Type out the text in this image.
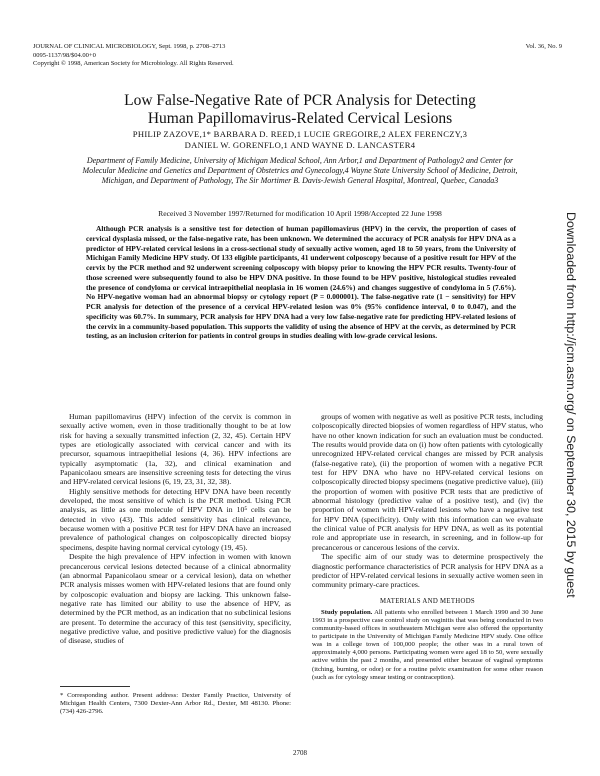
JOURNAL OF CLINICAL MICROBIOLOGY, Sept. 1998, p. 2708–2713
0095-1137/98/$04.00+0
Copyright © 1998, American Society for Microbiology. All Rights Reserved.
Vol. 36, No. 9
Low False-Negative Rate of PCR Analysis for Detecting
Human Papillomavirus-Related Cervical Lesions
PHILIP ZAZOVE,1* BARBARA D. REED,1 LUCIE GREGOIRE,2 ALEX FERENCZY,3
DANIEL W. GORENFLO,1 AND WAYNE D. LANCASTER4
Department of Family Medicine, University of Michigan Medical School, Ann Arbor,1 and Department of Pathology2 and Center for Molecular Medicine and Genetics and Department of Obstetrics and Gynecology,4 Wayne State University School of Medicine, Detroit, Michigan, and Department of Pathology, The Sir Mortimer B. Davis-Jewish General Hospital, Montreal, Quebec, Canada3
Received 3 November 1997/Returned for modification 10 April 1998/Accepted 22 June 1998

Although PCR analysis is a sensitive test for detection of human papillomavirus (HPV) in the cervix, the proportion of cases of cervical dysplasia missed, or the false-negative rate, has been unknown. We determined the accuracy of PCR analysis for HPV DNA as a predictor of HPV-related cervical lesions in a cross-sectional study of sexually active women, aged 18 to 50 years, from the University of Michigan Family Medicine HPV study. Of 133 eligible participants, 41 underwent colposcopy because of a positive result for HPV of the cervix by the PCR method and 92 underwent screening colposcopy with biopsy prior to knowing the HPV PCR results. Twenty-four of those screened were subsequently found to also be HPV DNA positive. In those found to be HPV positive, histological studies revealed the presence of condyloma or cervical intraepithelial neoplasia in 16 women (24.6%) and changes suggestive of condyloma in 5 (7.6%). No HPV-negative woman had an abnormal biopsy or cytology report (P = 0.000001). The false-negative rate (1 − sensitivity) for HPV PCR analysis for detection of the presence of a cervical HPV-related lesion was 0% (95% confidence interval, 0 to 0.047), and the specificity was 60.7%. In summary, PCR analysis for HPV DNA had a very low false-negative rate for predicting HPV-related lesions of the cervix in a community-based population. This supports the validity of using the absence of HPV at the cervix, as determined by PCR testing, as an inclusion criterion for patients in control groups in studies dealing with low-grade cervical lesions.

Human papillomavirus (HPV) infection of the cervix is common in sexually active women, even in those traditionally thought to be at low risk for having a sexually transmitted infection (2, 32, 45). Certain HPV types are etiologically associated with cervical cancer and with its precursor, squamous intraepithelial lesions (4, 36). HPV infections are typically asymptomatic (1a, 32), and clinical examination and Papanicolaou smears are insensitive screening tests for detecting the virus and HPV-related cervical lesions (6, 19, 23, 31, 32, 38).

Highly sensitive methods for detecting HPV DNA have been recently developed, the most sensitive of which is the PCR method. Using PCR analysis, as little as one molecule of HPV DNA in 10⁵ cells can be detected in vivo (43). This added sensitivity has clinical relevance, because women with a positive PCR test for HPV DNA have an increased prevalence of pathological changes on colposcopically directed biopsy specimens, despite having normal cervical cytology (19, 45).

Despite the high prevalence of HPV infection in women with known precancerous cervical lesions detected because of a clinical abnormality (an abnormal Papanicolaou smear or a cervical lesion), data on whether PCR analysis misses women with HPV-related lesions that are found only by colposcopic evaluation and biopsy are lacking. This unknown false-negative rate has limited our ability to use the absence of HPV, as determined by the PCR method, as an indication that no subclinical lesions are present. To determine the accuracy of this test (sensitivity, specificity, negative predictive value, and positive predictive value) for the diagnosis of disease, studies of

groups of women with negative as well as positive PCR tests, including colposcopically directed biopsies of women regardless of HPV status, who have no other known indication for such an evaluation must be conducted. The results would provide data on (i) how often patients with cytologically unrecognized HPV-related cervical changes are missed by PCR analysis (false-negative rate), (ii) the proportion of women with a negative PCR test for HPV DNA who have no HPV-related cervical lesions on colposcopically directed biopsy specimens (negative predictive value), (iii) the proportion of women with positive PCR tests that are predictive of abnormal histology (predictive value of a positive test), and (iv) the proportion of women with HPV-related lesions who have a negative test for HPV DNA (specificity). Only with this information can we evaluate the clinical value of PCR analysis for HPV DNA, as well as its potential role and appropriate use in research, in screening, and in follow-up for precancerous or cancerous lesions of the cervix.

The specific aim of our study was to determine prospectively the diagnostic performance characteristics of PCR analysis for HPV DNA as a predictor of HPV-related cervical lesions in sexually active women seen in community primary-care practices.

MATERIALS AND METHODS

Study population. All patients who enrolled between 1 March 1990 and 30 June 1993 in a prospective case control study on vaginitis that was being conducted in two community-based offices in southeastern Michigan were also offered the opportunity to participate in the University of Michigan Family Medicine HPV study. One office was in a college town of 100,000 people; the other was in a rural town of approximately 4,000 persons. Participating women were aged 18 to 50, were sexually active within the past 2 months, and presented either because of vaginal symptoms (itching, burning, or odor) or for a routine pelvic examination for some other reason (such as for cytology smear testing or contraception).

* Corresponding author. Present address: Dexter Family Practice, University of Michigan Health Centers, 7300 Dexter-Ann Arbor Rd., Dexter, MI 48130. Phone: (734) 426-2796.
2708
Downloaded from http://jcm.asm.org/ on September 30, 2015 by guest
